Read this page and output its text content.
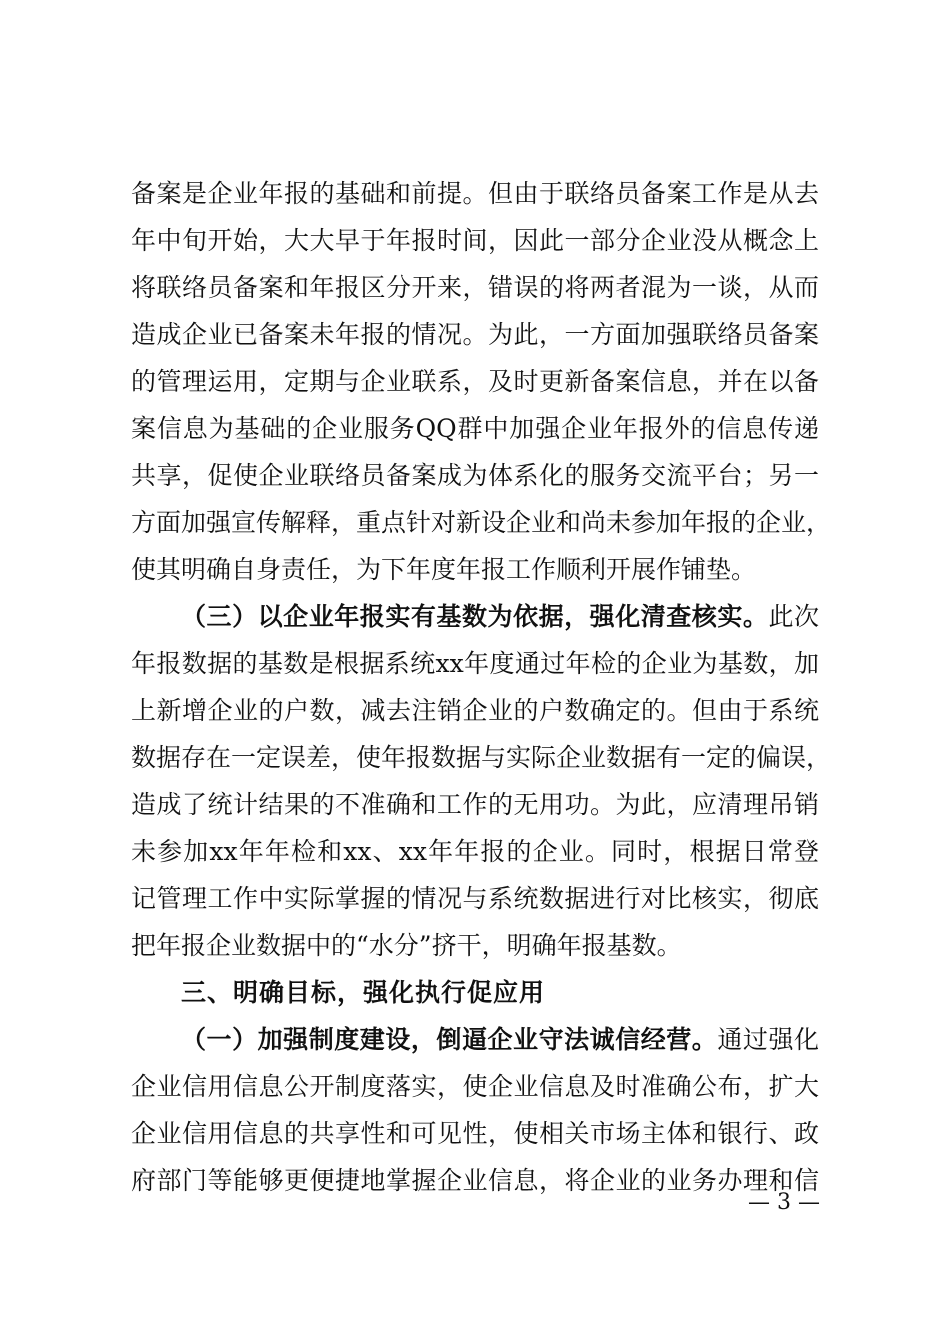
备案是企业年报的基础和前提。但由于联络员备案工作是从去
年中旬开始，大大早于年报时间，因此一部分企业没从概念上
将联络员备案和年报区分开来，错误的将两者混为一谈，从而
造成企业已备案未年报的情况。为此，一方面加强联络员备案
的管理运用，定期与企业联系，及时更新备案信息，并在以备
案信息为基础的企业服务QQ群中加强企业年报外的信息传递
共享，促使企业联络员备案成为体系化的服务交流平台；另一
方面加强宣传解释，重点针对新设企业和尚未参加年报的企业，
使其明确自身责任，为下年度年报工作顺利开展作铺垫。
（三）以企业年报实有基数为依据，强化清查核实。此次
年报数据的基数是根据系统xx年度通过年检的企业为基数，加
上新增企业的户数，减去注销企业的户数确定的。但由于系统
数据存在一定误差，使年报数据与实际企业数据有一定的偏误，
造成了统计结果的不准确和工作的无用功。为此，应清理吊销
未参加xx年年检和xx、xx年年报的企业。同时，根据日常登
记管理工作中实际掌握的情况与系统数据进行对比核实，彻底
把年报企业数据中的“水分”挤干，明确年报基数。
三、明确目标，强化执行促应用
（一）加强制度建设，倒逼企业守法诚信经营。通过强化
企业信用信息公开制度落实，使企业信息及时准确公布，扩大
企业信用信息的共享性和可见性，使相关市场主体和银行、政
府部门等能够更便捷地掌握企业信息，将企业的业务办理和信
— 3 —
